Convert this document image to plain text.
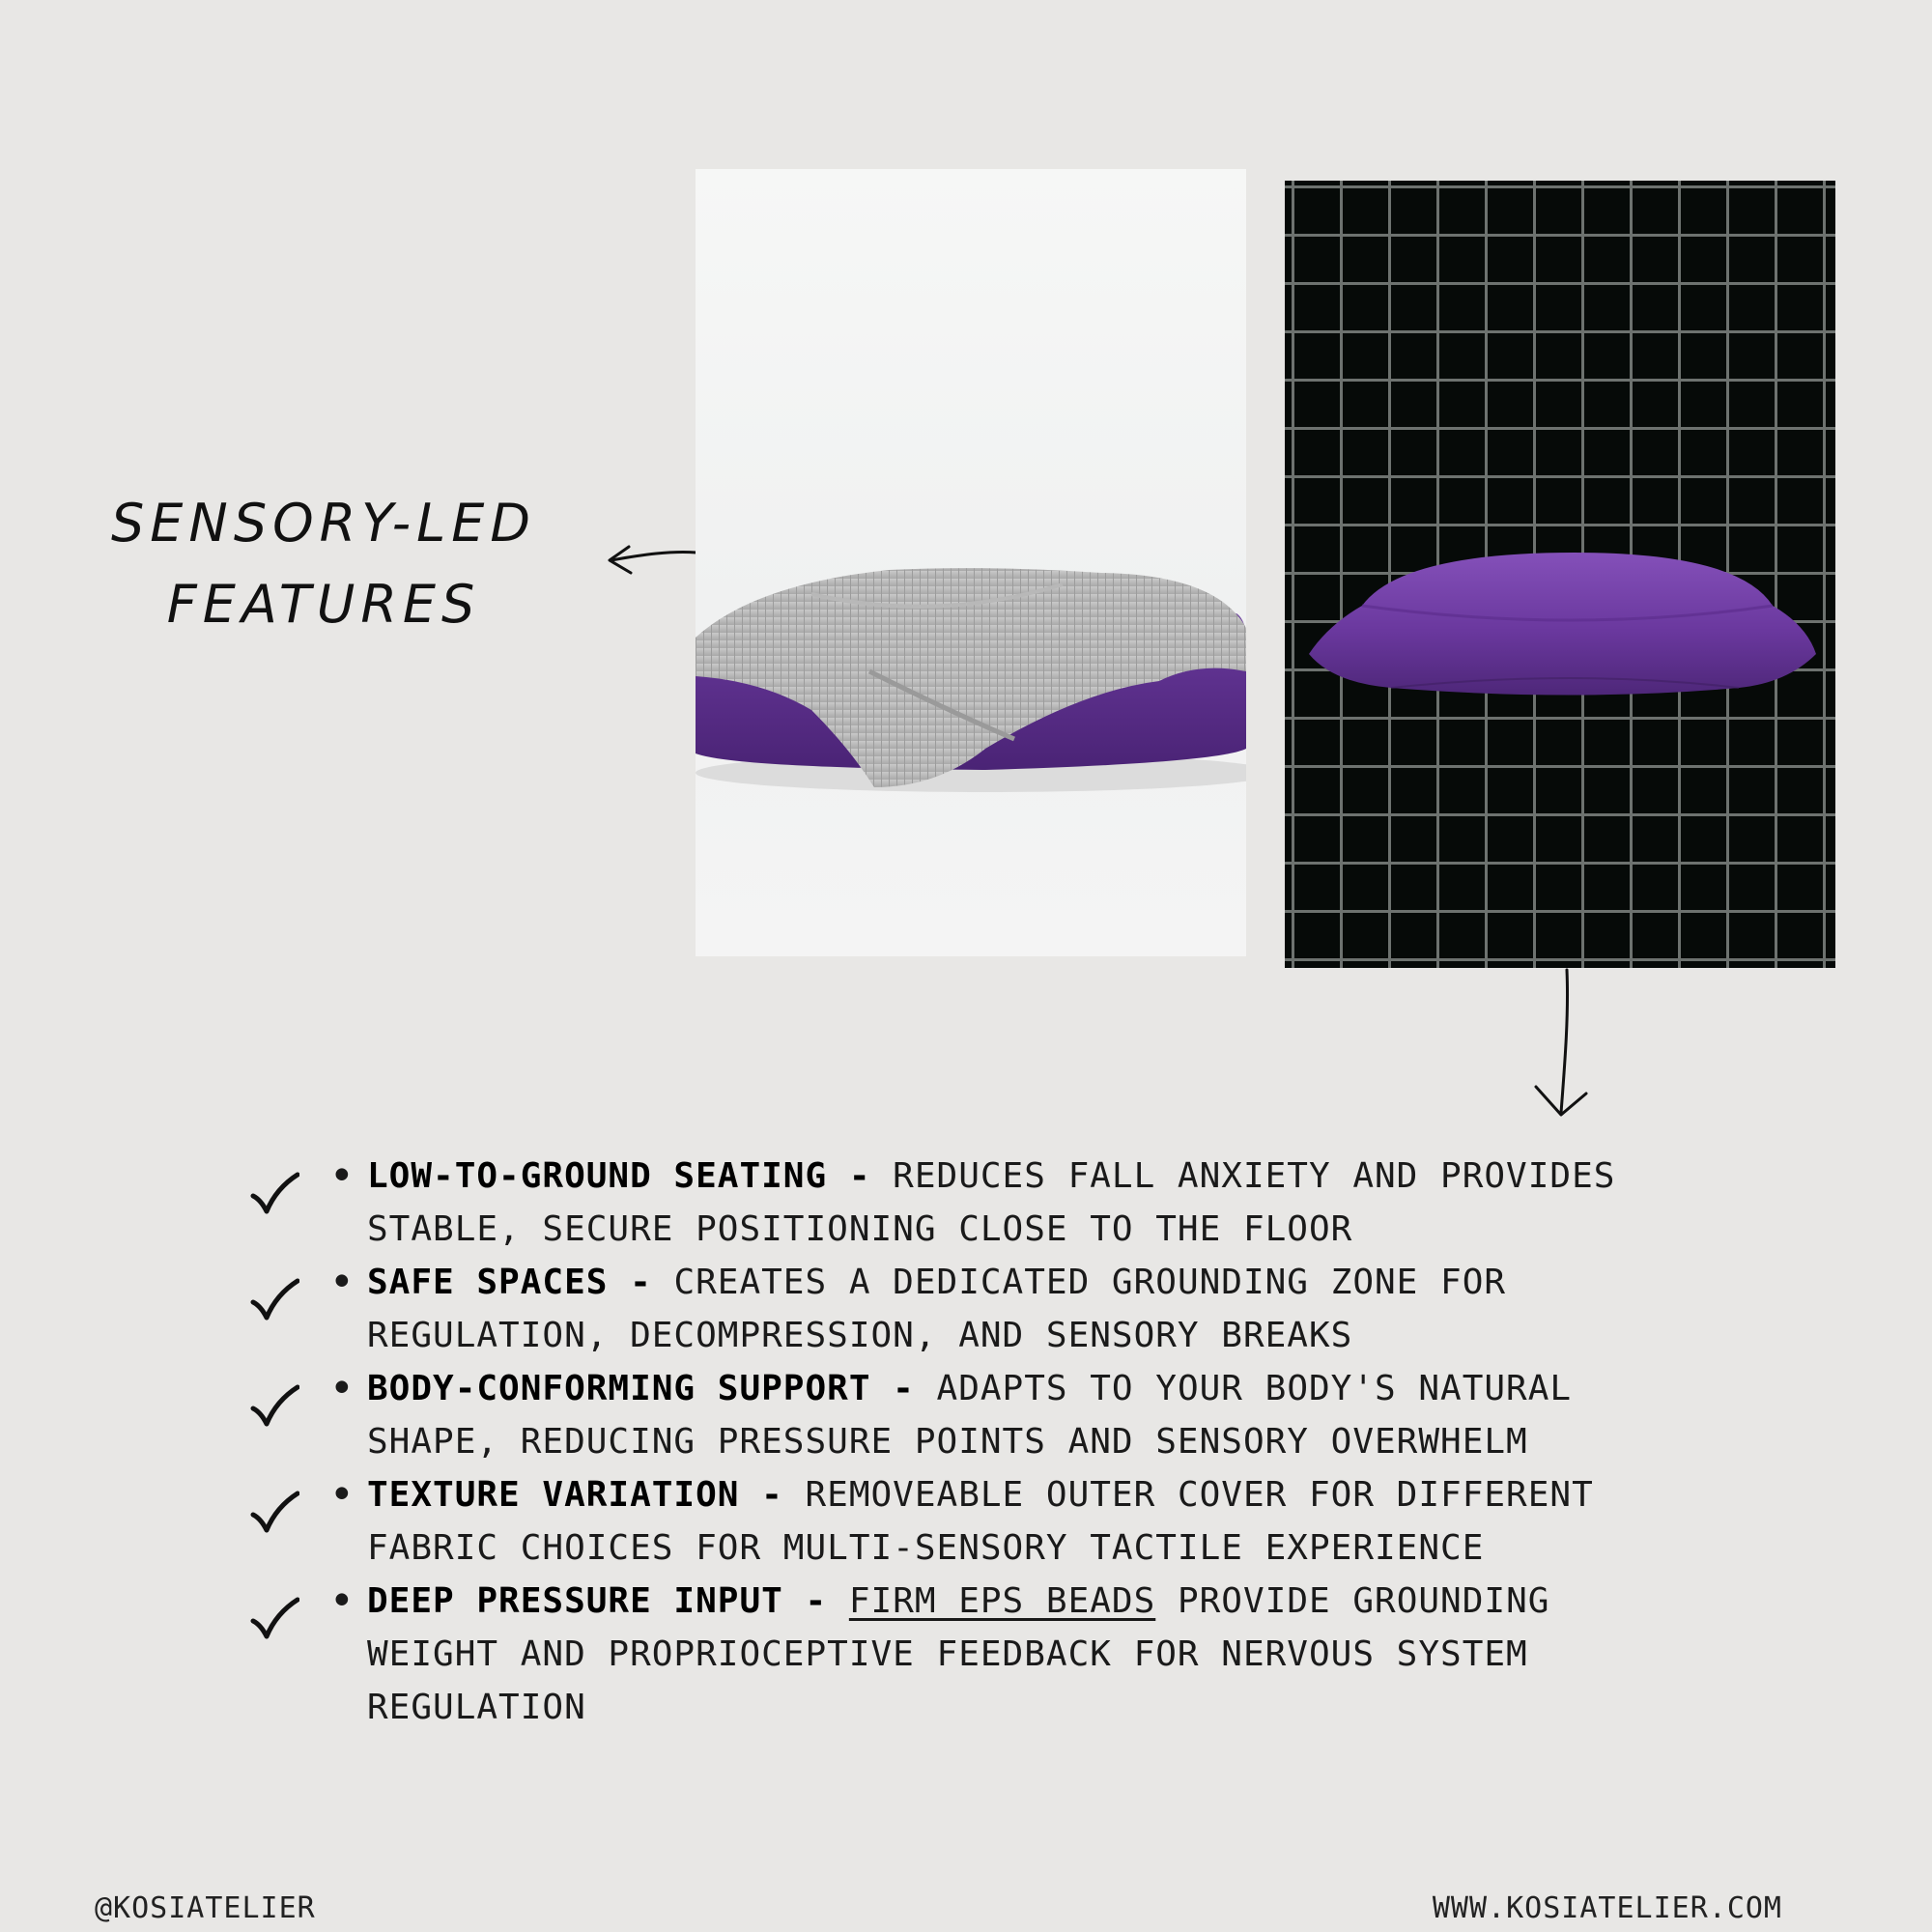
SENSORY-LED
FEATURES
• LOW-TO-GROUND SEATING - REDUCES FALL ANXIETY AND PROVIDES STABLE, SECURE POSITIONING CLOSE TO THE FLOOR
• SAFE SPACES - CREATES A DEDICATED GROUNDING ZONE FOR REGULATION, DECOMPRESSION, AND SENSORY BREAKS
• BODY-CONFORMING SUPPORT - ADAPTS TO YOUR BODY'S NATURAL SHAPE, REDUCING PRESSURE POINTS AND SENSORY OVERWHELM
• TEXTURE VARIATION - REMOVEABLE OUTER COVER FOR DIFFERENT FABRIC CHOICES FOR MULTI-SENSORY TACTILE EXPERIENCE
• DEEP PRESSURE INPUT - FIRM EPS BEADS PROVIDE GROUNDING WEIGHT AND PROPRIOCEPTIVE FEEDBACK FOR NERVOUS SYSTEM REGULATION
@KOSIATELIER	WWW.KOSIATELIER.COM
